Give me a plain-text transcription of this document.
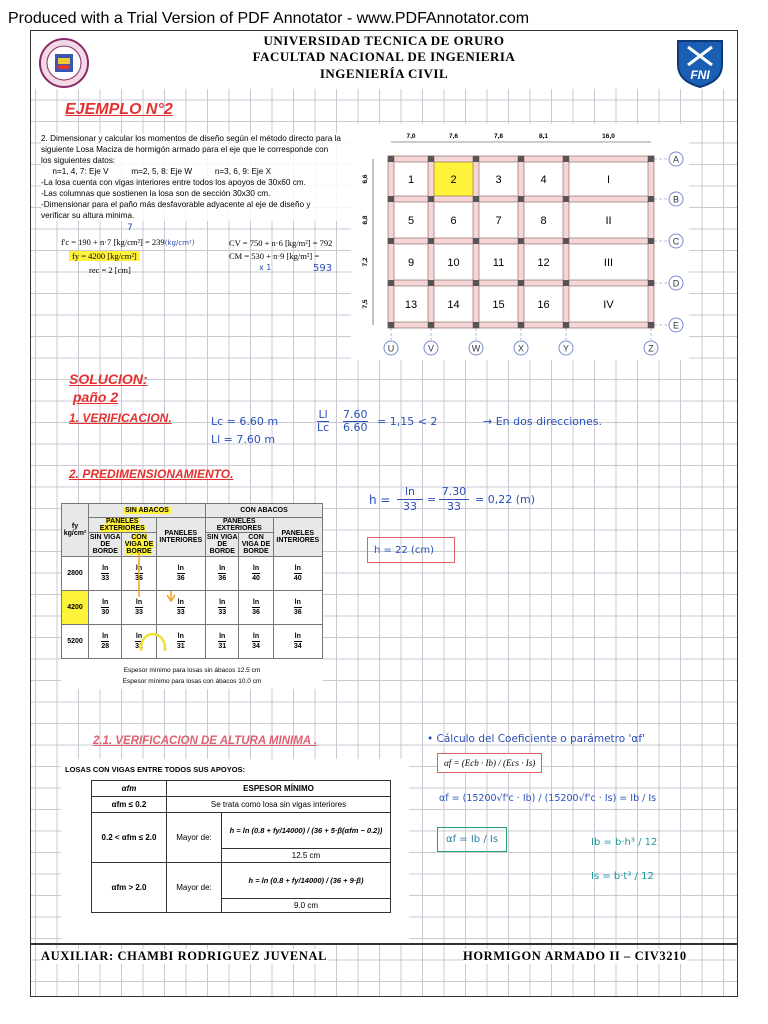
Produced with a Trial Version of PDF Annotator - www.PDFAnnotator.com
UNIVERSIDAD TECNICA DE ORURO
FACULTAD NACIONAL DE INGENIERIA
INGENIERÍA CIVIL	FNI
EJEMPLO N°2
2. Dimensionar y calcular los momentos de diseño según el método directo para la
siguiente Losa Maciza de hormigón armado para el eje que le corresponde con
los siguientes datos:
n=1, 4, 7: Eje V          m=2, 5, 8: Eje W          n=3, 6, 9: Eje X
-La losa cuenta con vigas interiores entre todos los apoyos de 30x60 cm.
-Las columnas que sostienen la losa son de sección 30x30 cm.
-Dimensionar para el paño más desfavorable adyacente al eje de diseño y
verificar su altura minima.
f'c = 190 + n·7 [kg/cm²] = 239(kg/cm²)
fy = 4200 [kg/cm²]
rec = 2 [cm]
CV = 750 + n·6 [kg/m²] = 792
CM = 530 + n·9 [kg/m²] =
593
7
x 1
1	2	3	4	I
5	6	7	8	II
9	10	11	12	III
13	14	15	16	IV
7,0	7,6	7,8	8,1	16,0
6,6
6,8
7,2
7,5
A
B
C
D
E
U	V	W	X	Y	Z
SOLUCION:
paño 2
1. VERIFICACION.	Lc = 6.60 m
Ll = 7.60 m
$\frac{Ll}{Lc} 7.60$
6.60 = 1,15 < 2	→ En dos direcciones.
2. PREDIMENSIONAMIENTO.
$h = \frac{\ln}{33}$ =
7.30
33
= 0,22 (m)
h = 22 (cm)
fy kg/cm²	SIN ABACOS			CON ABACOS		
	PANELES EXTERIORES		PANELES INTERIORES	PANELES EXTERIORES		PANELES INTERIORES
	SIN VIGA DE BORDE	CON VIGA DE BORDE		SIN VIGA DE BORDE	CON VIGA DE BORDE	
2800	$\frac{\ln}{33}$	$\frac{\ln}{36}$	$\frac{\ln}{36}$	$\frac{\ln}{36}$	$\frac{\ln}{40}$	$\frac{\ln}{40}$
4200	$\frac{\ln}{30}$	$\frac{\ln}{33}$	$\frac{\ln}{33}$	$\frac{\ln}{33}$	$\frac{\ln}{36}$	$\frac{\ln}{36}$
5200	$\frac{\ln}{28}$	$\frac{\ln}{31}$	$\frac{\ln}{31}$	$\frac{\ln}{31}$	$\frac{\ln}{34}$	$\frac{\ln}{34}$
Espesor mínimo para losas sin ábacos 12.5 cm
Espesor mínimo para losas con ábacos 10.0 cm
2.1. VERIFICACION DE ALTURA MINIMA .
LOSAS CON VIGAS ENTRE TODOS SUS APOYOS:
αfm	ESPESOR MÍNIMO	
αfm ≤ 0.2	Se trata como losa sin vigas interiores	
0.2 < αfm ≤ 2.0	Mayor de:	h = ln (0.8 + fy/14000) / (36 + 5·β(αfm − 0.2))
		12.5 cm
αfm > 2.0	Mayor de:	h = ln (0.8 + fy/14000) / (36 + 9·β)
		9.0 cm
• Cálculo del Coeficiente o parámetro 'αf'
αf = (Ecb · Ib) / (Ecs · Is)
αf = (15200√f'c · Ib) / (15200√f'c · Is) = Ib / Is
αf = Ib / Is	Ib = b·h³ / 12
Is = b·t³ / 12
AUXILIAR: CHAMBI RODRIGUEZ JUVENAL	HORMIGON ARMADO II – CIV3210
